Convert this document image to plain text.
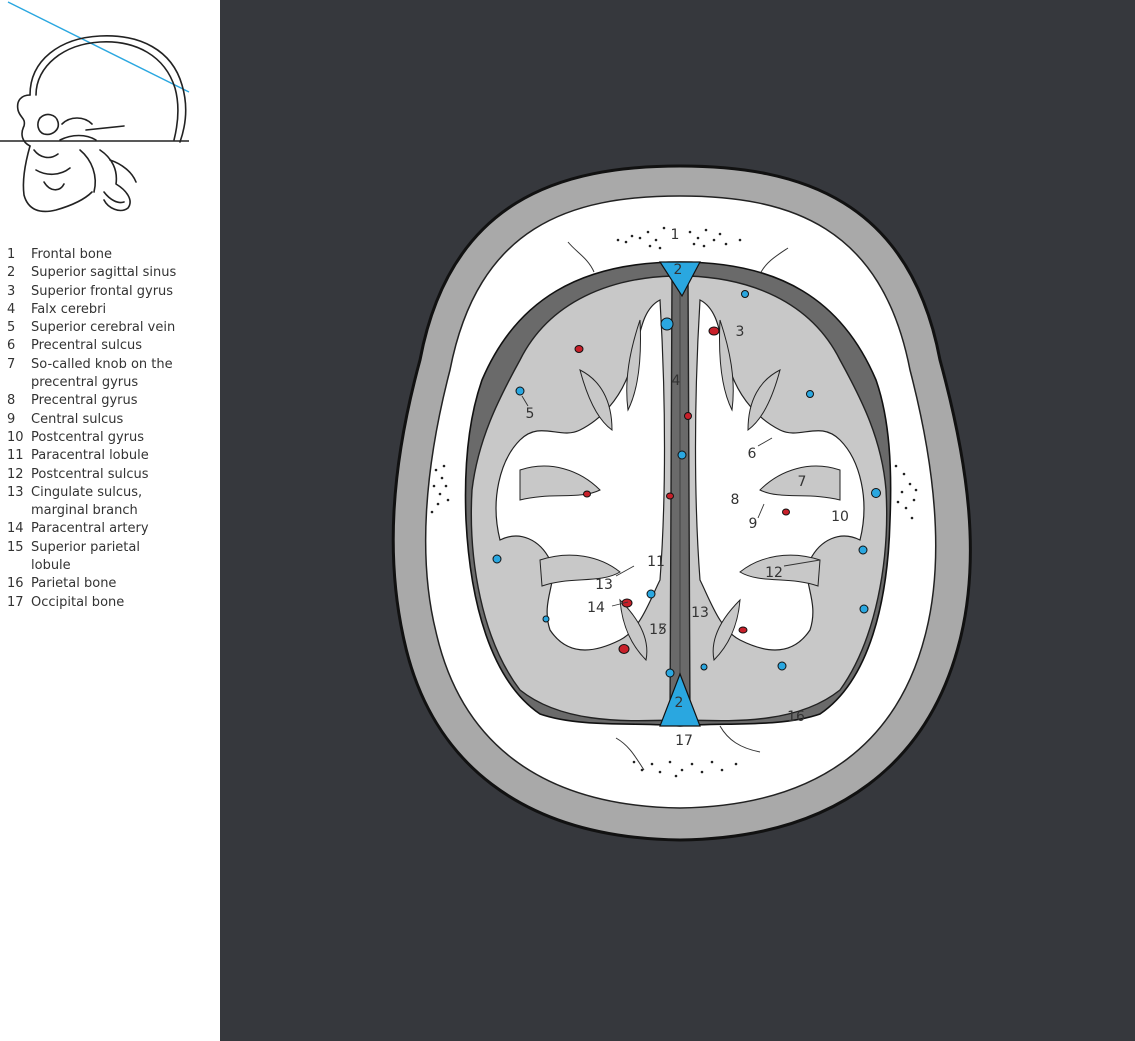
1	Frontal bone
2	Superior sagittal sinus
3	Superior frontal gyrus
4	Falx cerebri
5	Superior cerebral vein
6	Precentral sulcus
7	So-called knob on the precentral gyrus
8	Precentral gyrus
9	Central sulcus
10 Postcentral gyrus
11 Paracentral lobule
12 Postcentral sulcus
13 Cingulate sulcus, marginal branch
14 Paracentral artery
15 Superior parietal lobule
16 Parietal bone
17 Occipital bone
1
2
3
4
5
6
7
8
9	10
11
12
13
13
14
15
2
16
17
